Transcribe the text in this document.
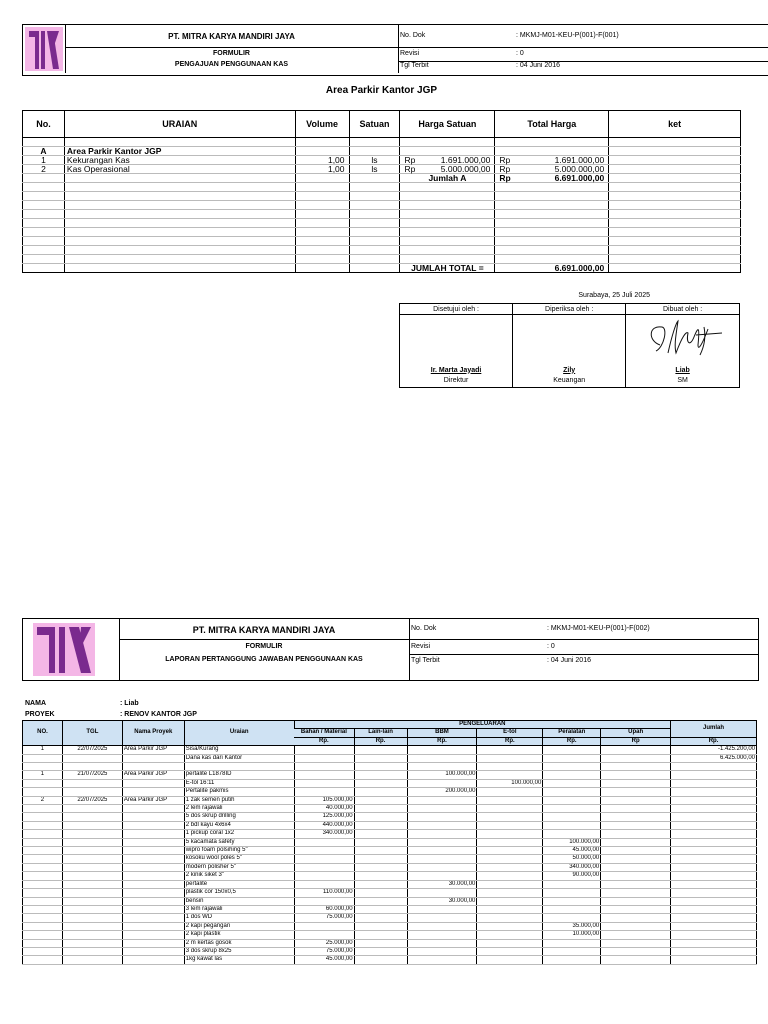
PT. MITRA KARYA MANDIRI JAYA
FORMULIR
PENGAJUAN PENGGUNAAN KAS
No. Dok	: MKMJ-M01-KEU-P(001)-F(001)
Revisi	: 0
Tgl Terbit	: 04 Juni 2016
Area Parkir Kantor JGP
No.	URAIAN	Volume	Satuan	Harga Satuan	Total Harga	ket

A	Area Parkir Kantor JGP					
1	Kekurangan Kas	1,00	ls	Rp 1.691.000,00	Rp 1.691.000,00	

2	Kas Operasional	1,00	ls	Rp 5.000.000,00	Rp 5.000.000,00	

				Jumlah A	Rp 6.691.000,00	

				JUMLAH TOTAL =	6.691.000,00	
Surabaya, 25 Juli 2025
Disetujui oleh :	Diperiksa oleh :	Dibuat oleh :

Ir. Marta Jayadi	Zily	Liab
Direktur	Keuangan	SM
PT. MITRA KARYA MANDIRI JAYA
FORMULIR
LAPORAN PERTANGGUNG JAWABAN PENGGUNAAN KAS
No. Dok	: MKMJ-M01-KEU-P(001)-F(002)
Revisi	: 0
Tgl Terbit	: 04 Juni 2016
NAMA	: Liab
PROYEK	: RENOV KANTOR JGP
NO.	TGL	Nama Proyek	Uraian	PENGELUARAN						Jumlah
				Bahan / Material	Lain-lain	BBM	E-tol	Peralatan	Upah	
				Rp.	Rp.	Rp.	Rp.	Rp.	Rp	Rp.
1	22/07/2025	Area Parkir JGP	Sisa/Kurang							-1.425.200,00
			Dana kas dari Kantor							6.425.000,00

1	21/07/2025	Area Parkir JGP	pertalite L1878ID			100.000,00				
			E-tol 16:11				100.000,00			
			Pertalite pakmis			200.000,00				
2	22/07/2025	Area Parkir JGP	1 zak semen putih	105.000,00						
			2 lem rajawali	40.000,00						
			5 dos skrup drilling	125.000,00						
			2 bdl kayu 4x6x4	440.000,00						
			1 pickup coral 1x2	340.000,00						
			5 kacamata safety					100.000,00		
			wipro foam polsihing 5"					45.000,00		
			kosoku wool poles 5"					50.000,00		
			modern polisher 5"					340.000,00		
			2 kinik siket 3"					90.000,00		
			pertalite			30.000,00				
			plastik cor 150x0,5	110.000,00						
			bensin			30.000,00				
			3 lem rajawali	60.000,00						
			1 dos WD	75.000,00						
			2 kapi pegangan					35.000,00		
			2 kapi plastik					10.000,00		
			2 m kertas gosok	25.000,00						
			3 dos skrup 8x25	75.000,00						
			1kg kawat las	45.000,00						
